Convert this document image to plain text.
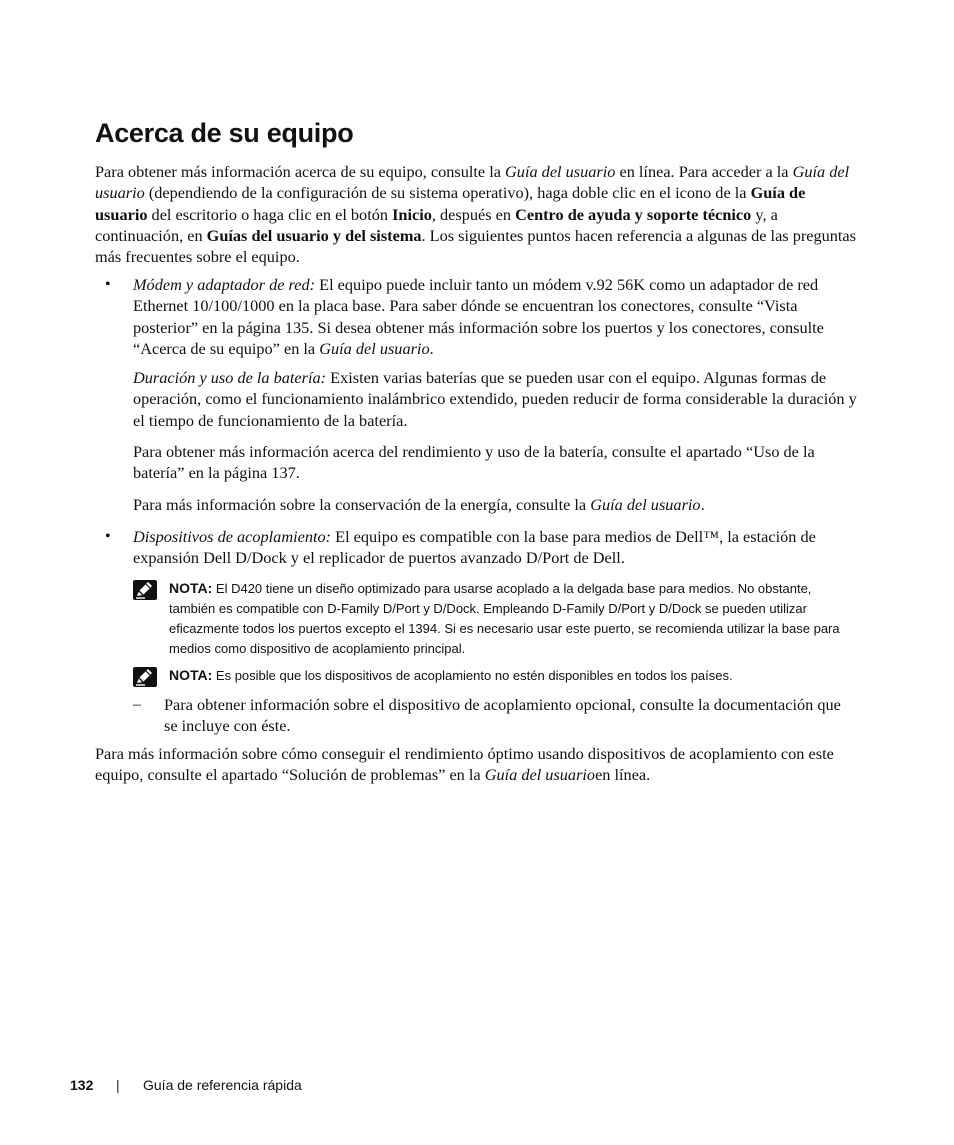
Acerca de su equipo

Para obtener más información acerca de su equipo, consulte la Guía del usuario en línea. Para acceder a la Guía del usuario (dependiendo de la configuración de su sistema operativo), haga doble clic en el icono de la Guía de usuario del escritorio o haga clic en el botón Inicio, después en Centro de ayuda y soporte técnico y, a continuación, en Guías del usuario y del sistema. Los siguientes puntos hacen referencia a algunas de las preguntas más frecuentes sobre el equipo.

• Módem y adaptador de red: El equipo puede incluir tanto un módem v.92 56K como un adaptador de red Ethernet 10/100/1000 en la placa base. Para saber dónde se encuentran los conectores, consulte “Vista posterior” en la página 135. Si desea obtener más información sobre los puertos y los conectores, consulte “Acerca de su equipo” en la Guía del usuario.

Duración y uso de la batería: Existen varias baterías que se pueden usar con el equipo. Algunas formas de operación, como el funcionamiento inalámbrico extendido, pueden reducir de forma considerable la duración y el tiempo de funcionamiento de la batería.

Para obtener más información acerca del rendimiento y uso de la batería, consulte el apartado “Uso de la batería” en la página 137.

Para más información sobre la conservación de la energía, consulte la Guía del usuario.

• Dispositivos de acoplamiento: El equipo es compatible con la base para medios de Dell™, la estación de expansión Dell D/Dock y el replicador de puertos avanzado D/Port de Dell.

NOTA: El D420 tiene un diseño optimizado para usarse acoplado a la delgada base para medios. No obstante, también es compatible con D-Family D/Port y D/Dock. Empleando D-Family D/Port y D/Dock se pueden utilizar eficazmente todos los puertos excepto el 1394. Si es necesario usar este puerto, se recomienda utilizar la base para medios como dispositivo de acoplamiento principal.
NOTA: Es posible que los dispositivos de acoplamiento no estén disponibles en todos los países.
– Para obtener información sobre el dispositivo de acoplamiento opcional, consulte la documentación que se incluye con éste.

Para más información sobre cómo conseguir el rendimiento óptimo usando dispositivos de acoplamiento con este equipo, consulte el apartado “Solución de problemas” en la Guía del usuarioen línea.

132 | Guía de referencia rápida
